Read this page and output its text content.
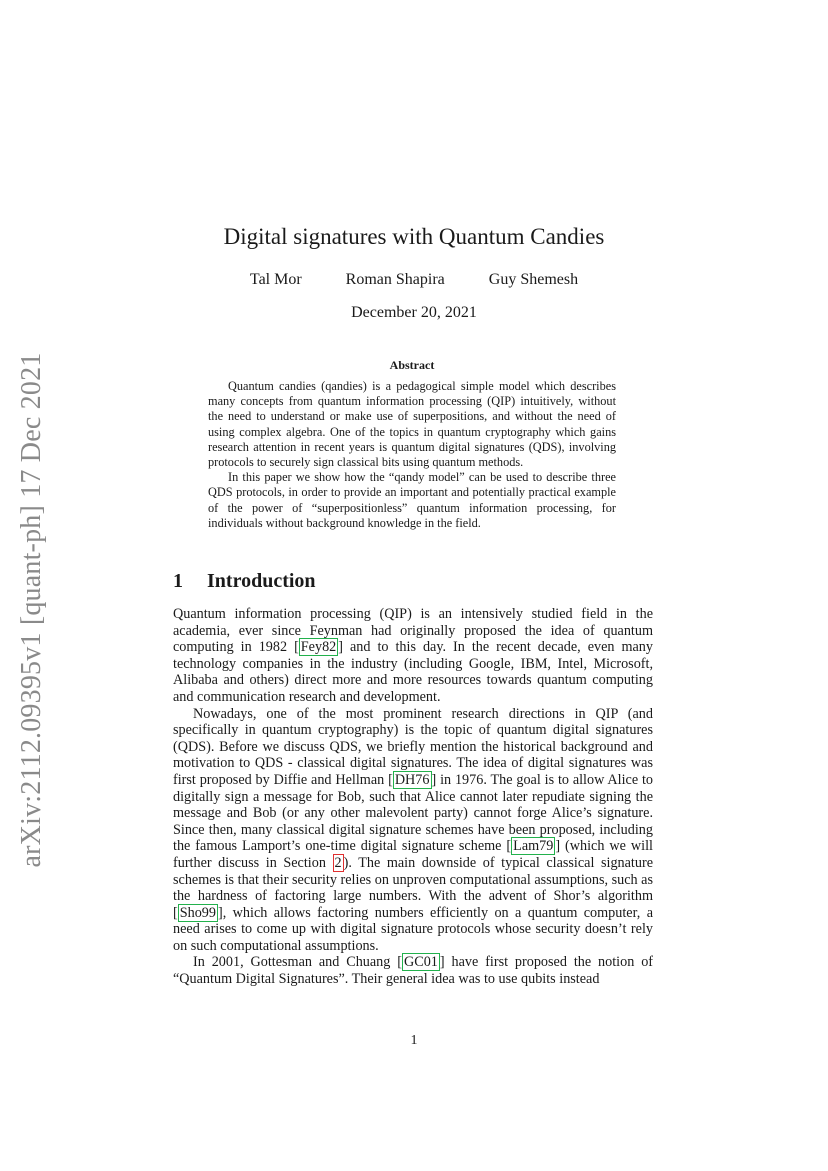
arXiv:2112.09395v1 [quant-ph] 17 Dec 2021
Digital signatures with Quantum Candies
Tal Mor	Roman Shapira	Guy Shemesh
December 20, 2021
Abstract

Quantum candies (qandies) is a pedagogical simple model which describes many concepts from quantum information processing (QIP) intuitively, without the need to understand or make use of superpositions, and without the need of using complex algebra. One of the topics in quantum cryptography which gains research attention in recent years is quantum digital signatures (QDS), involving protocols to securely sign classical bits using quantum methods.

In this paper we show how the “qandy model” can be used to describe three QDS protocols, in order to provide an important and potentially practical example of the power of “superpositionless” quantum information processing, for individuals without background knowledge in the field.

1 Introduction

Quantum information processing (QIP) is an intensively studied field in the academia, ever since Feynman had originally proposed the idea of quantum computing in 1982 [ Fey82 ] and to this day. In the recent decade, even many technology companies in the industry (including Google, IBM, Intel, Microsoft, Alibaba and others) direct more and more resources towards quantum computing and communication research and development.

Nowadays, one of the most prominent research directions in QIP (and specifically in quantum cryptography) is the topic of quantum digital signatures (QDS). Before we discuss QDS, we briefly mention the historical background and motivation to QDS - classical digital signatures. The idea of digital signatures was first proposed by Diffie and Hellman [ DH76 ] in 1976. The goal is to allow Alice to digitally sign a message for Bob, such that Alice cannot later repudiate signing the message and Bob (or any other malevolent party) cannot forge Alice’s signature. Since then, many classical digital signature schemes have been proposed, including the famous Lamport’s one-time digital signature scheme [ Lam79 ] (which we will further discuss in Section 2 ). The main downside of typical classical signature schemes is that their security relies on unproven computational assumptions, such as the hardness of factoring large numbers. With the advent of Shor’s algorithm [ Sho99 ], which allows factoring numbers efficiently on a quantum computer, a need arises to come up with digital signature protocols whose security doesn’t rely on such computational assumptions.

In 2001, Gottesman and Chuang [ GC01 ] have first proposed the notion of “Quantum Digital Signatures”. Their general idea was to use qubits instead

1
